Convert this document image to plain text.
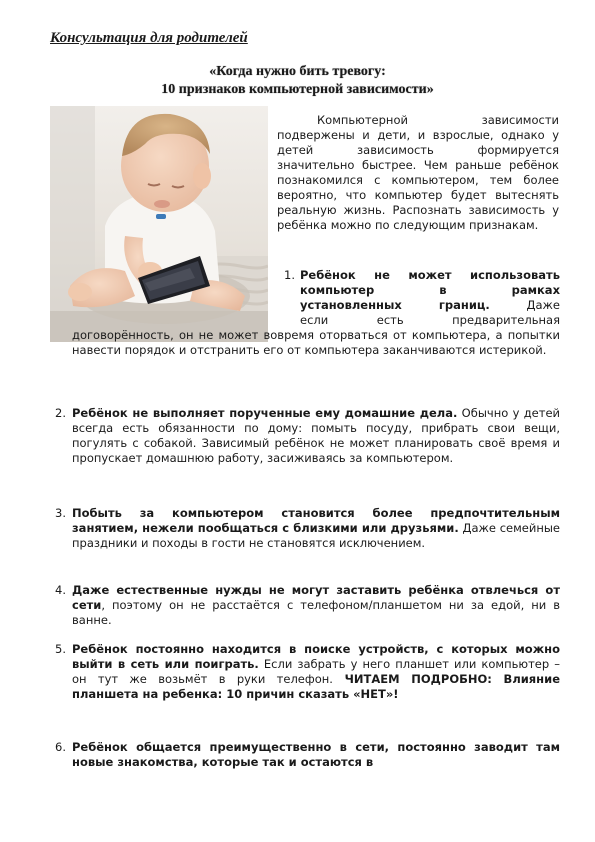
Консультация для родителей
«Когда нужно бить тревогу:
10 признаков компьютерной зависимости»
Компьютерной зависимости подвержены и дети, и взрослые, однако у детей зависимость формируется значительно быстрее. Чем раньше ребёнок познакомился с компьютером, тем более вероятно, что компьютер будет вытеснять реальную жизнь. Распознать зависимость у ребёнка можно по следующим признакам.
1. Ребёнок не может использовать
компьютер в рамках
установленных границ. Даже
если есть предварительная
договорённость, он не может вовремя оторваться от компьютера, а попытки навести порядок и отстранить его от компьютера заканчиваются истерикой.
2. Ребёнок не выполняет порученные ему домашние дела. Обычно у детей всегда есть обязанности по дому: помыть посуду, прибрать свои вещи, погулять с собакой. Зависимый ребёнок не может планировать своё время и пропускает домашнюю работу, засиживаясь за компьютером.
3. Побыть за компьютером становится более предпочтительным занятием, нежели пообщаться с близкими или друзьями. Даже семейные праздники и походы в гости не становятся исключением.
4. Даже естественные нужды не могут заставить ребёнка отвлечься от сети, поэтому он не расстаётся с телефоном/планшетом ни за едой, ни в ванне.
5. Ребёнок постоянно находится в поиске устройств, с которых можно выйти в сеть или поиграть. Если забрать у него планшет или компьютер – он тут же возьмёт в руки телефон. ЧИТАЕМ ПОДРОБНО: Влияние планшета на ребенка: 10 причин сказать «НЕТ»!
6. Ребёнок общается преимущественно в сети, постоянно заводит там новые знакомства, которые так и остаются в
